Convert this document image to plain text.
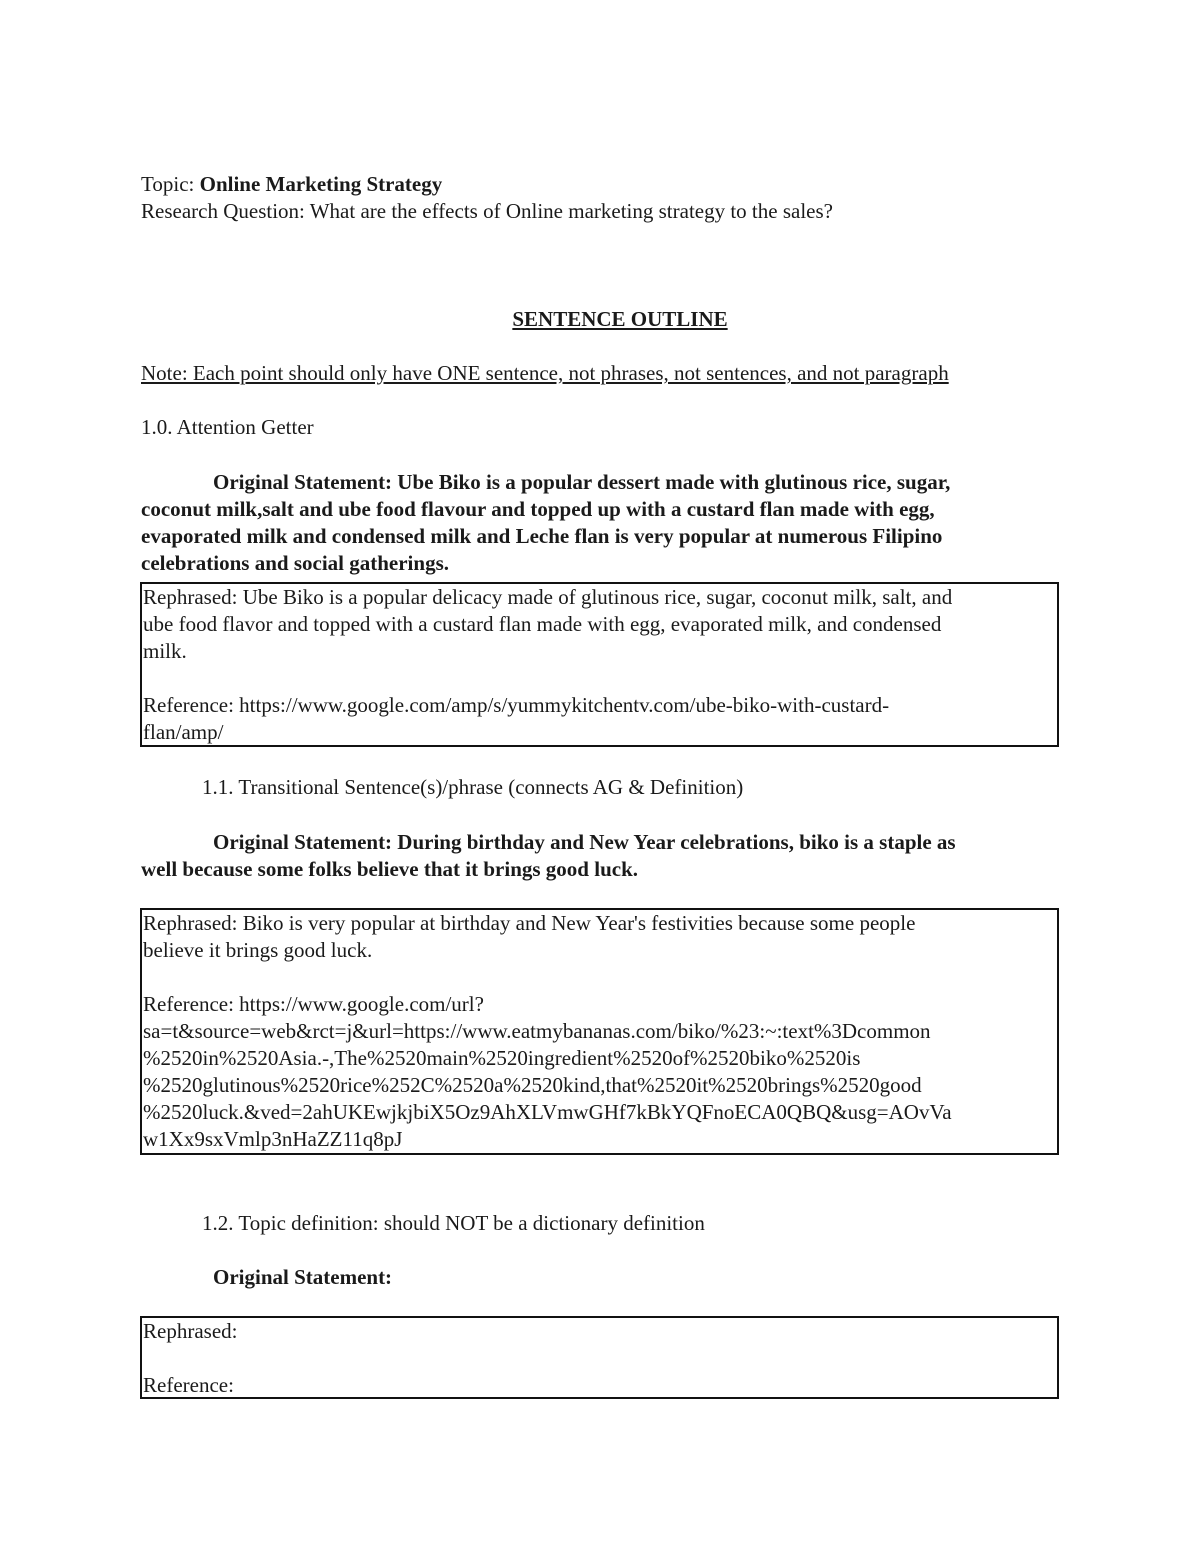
Topic: Online Marketing Strategy
Research Question: What are the effects of Online marketing strategy to the sales?
SENTENCE OUTLINE
Note: Each point should only have ONE sentence, not phrases, not sentences, and not paragraph
1.0. Attention Getter
Original Statement: Ube Biko is a popular dessert made with glutinous rice, sugar,
coconut milk,salt and ube food flavour and topped up with a custard flan made with egg,
evaporated milk and condensed milk and Leche flan is very popular at numerous Filipino
celebrations and social gatherings.

Rephrased: Ube Biko is a popular delicacy made of glutinous rice, sugar, coconut milk, salt, and

ube food flavor and topped with a custard flan made with egg, evaporated milk, and condensed

milk.

Reference: https://www.google.com/amp/s/yummykitchentv.com/ube-biko-with-custard-

flan/amp/

1.1. Transitional Sentence(s)/phrase (connects AG & Definition)
Original Statement: During birthday and New Year celebrations, biko is a staple as
well because some folks believe that it brings good luck.

Rephrased: Biko is very popular at birthday and New Year's festivities because some people

believe it brings good luck.

Reference: https://www.google.com/url?

sa=t&source=web&rct=j&url=https://www.eatmybananas.com/biko/%23:~:text%3Dcommon

%2520in%2520Asia.-,The%2520main%2520ingredient%2520of%2520biko%2520is

%2520glutinous%2520rice%252C%2520a%2520kind,that%2520it%2520brings%2520good

%2520luck.&ved=2ahUKEwjkjbiX5Oz9AhXLVmwGHf7kBkYQFnoECA0QBQ&usg=AOvVa

w1Xx9sxVmlp3nHaZZ11q8pJ

1.2. Topic definition: should NOT be a dictionary definition
Original Statement:

Rephrased:

Reference:
